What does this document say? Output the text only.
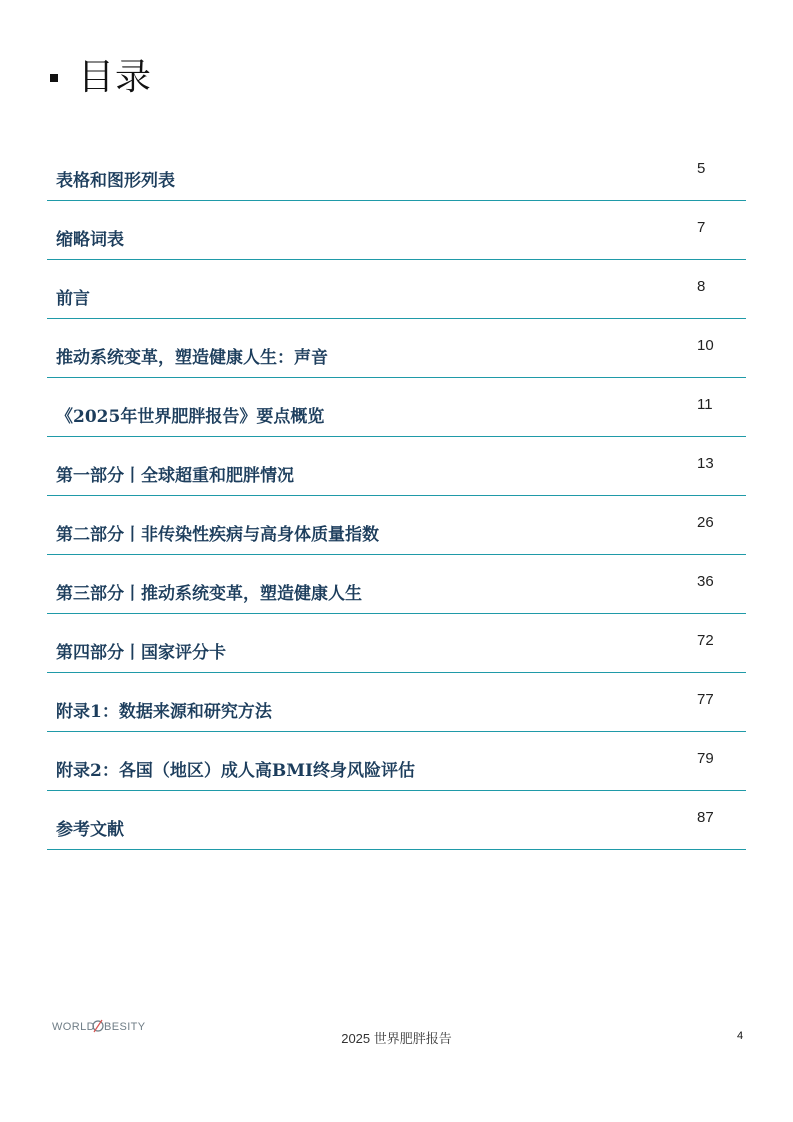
目录
表格和图形列表
5
缩略词表
7
前言
8
推动系统变革，塑造健康人生：声音
10
《2025年世界肥胖报告》要点概览
11
第一部分丨全球超重和肥胖情况
13
第二部分丨非传染性疾病与高身体质量指数
26
第三部分丨推动系统变革，塑造健康人生
36
第四部分丨国家评分卡
72
附录1：数据来源和研究方法
77
附录2：各国（地区）成人高BMI终身风险评估
79
参考文献
87
WORLD BESITY
2025 世界肥胖报告	4
